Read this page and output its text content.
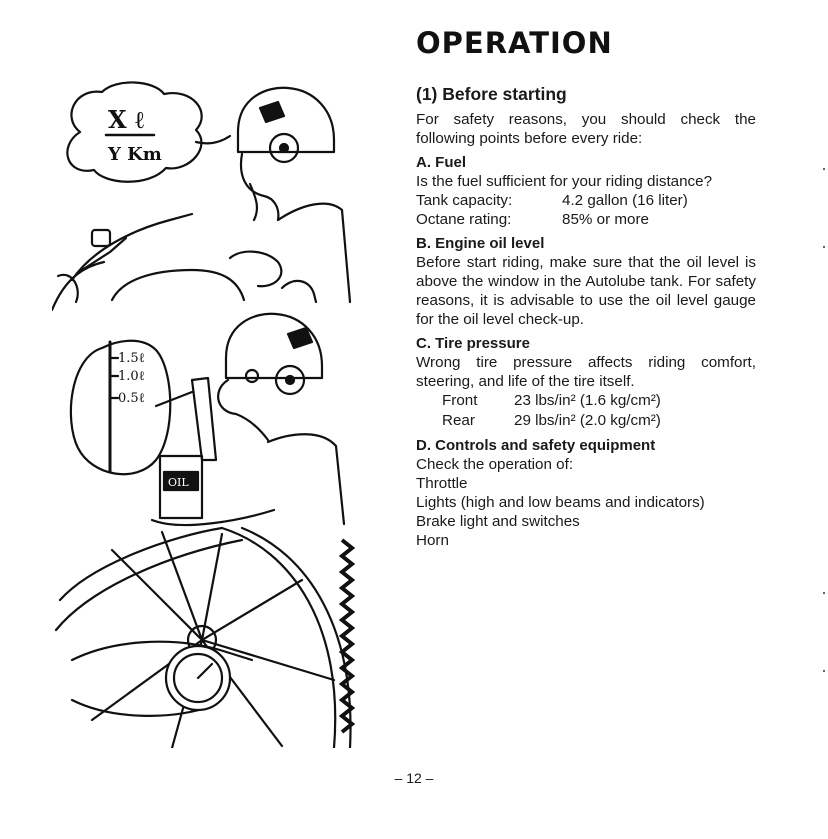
X ℓ
Y Km
1.5ℓ
1.0ℓ
0.5ℓ
OIL
OPERATION
(1) Before starting

For safety reasons, you should check the following points before every ride:

A. Fuel

Is the fuel sufficient for your riding distance?

Tank capacity:	4.2 gallon (16 liter)
Octane rating:	85% or more
B. Engine oil level

Before start riding, make sure that the oil level is above the window in the Autolube tank. For safety reasons, it is advisable to use the oil level gauge for the oil level check-up.

C. Tire pressure

Wrong tire pressure affects riding comfort, steering, and life of the tire itself.

Front	23 lbs/in² (1.6 kg/cm²)
Rear	29 lbs/in² (2.0 kg/cm²)
D. Controls and safety equipment

Check the operation of:

Throttle

Lights (high and low beams and indicators)

Brake light and switches

Horn

– 12 –
